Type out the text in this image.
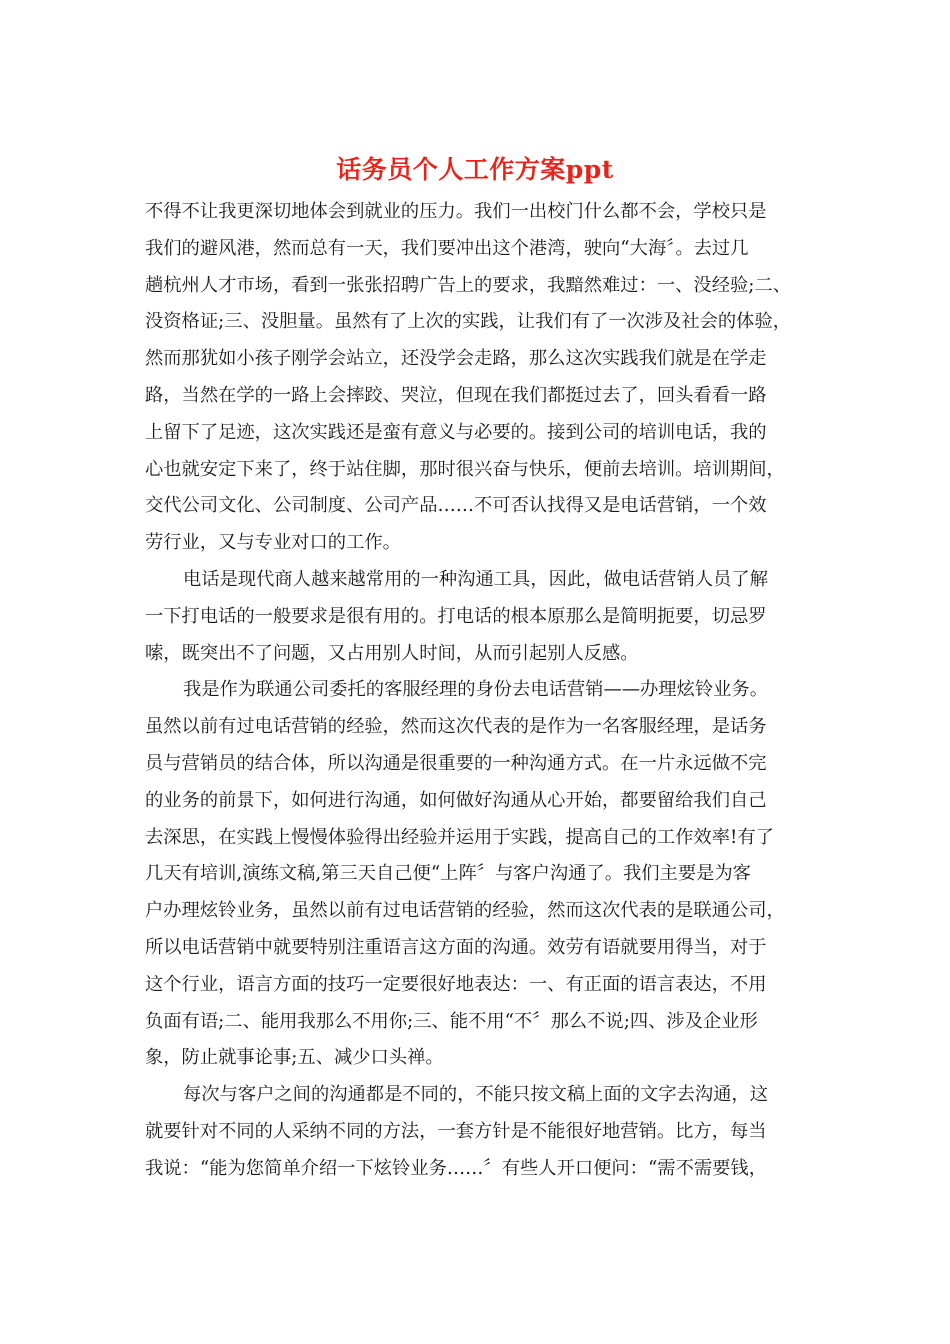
话务员个人工作方案ppt

不得不让我更深切地体会到就业的压力。我们一出校门什么都不会，学校只是

我们的避风港，然而总有一天，我们要冲出这个港湾，驶向“大海〞。去过几

趟杭州人才市场，看到一张张招聘广告上的要求，我黯然难过：一、没经验;二、

没资格证;三、没胆量。虽然有了上次的实践，让我们有了一次涉及社会的体验，

然而那犹如小孩子刚学会站立，还没学会走路，那么这次实践我们就是在学走

路，当然在学的一路上会摔跤、哭泣，但现在我们都挺过去了，回头看看一路

上留下了足迹，这次实践还是蛮有意义与必要的。接到公司的培训电话，我的

心也就安定下来了，终于站住脚，那时很兴奋与快乐，便前去培训。培训期间，

交代公司文化、公司制度、公司产品……不可否认找得又是电话营销，一个效

劳行业，又与专业对口的工作。

电话是现代商人越来越常用的一种沟通工具，因此，做电话营销人员了解

一下打电话的一般要求是很有用的。打电话的根本原那么是简明扼要，切忌罗

嗦，既突出不了问题，又占用别人时间，从而引起别人反感。

我是作为联通公司委托的客服经理的身份去电话营销——办理炫铃业务。

虽然以前有过电话营销的经验，然而这次代表的是作为一名客服经理，是话务

员与营销员的结合体，所以沟通是很重要的一种沟通方式。在一片永远做不完

的业务的前景下，如何进行沟通，如何做好沟通从心开始，都要留给我们自己

去深思，在实践上慢慢体验得出经验并运用于实践，提高自己的工作效率!有了

几天有培训,演练文稿,第三天自己便“上阵〞与客户沟通了。我们主要是为客

户办理炫铃业务，虽然以前有过电话营销的经验，然而这次代表的是联通公司，

所以电话营销中就要特别注重语言这方面的沟通。效劳有语就要用得当，对于

这个行业，语言方面的技巧一定要很好地表达：一、有正面的语言表达，不用

负面有语;二、能用我那么不用你;三、能不用“不〞那么不说;四、涉及企业形

象，防止就事论事;五、减少口头禅。

每次与客户之间的沟通都是不同的，不能只按文稿上面的文字去沟通，这

就要针对不同的人采纳不同的方法，一套方针是不能很好地营销。比方，每当

我说：“能为您简单介绍一下炫铃业务……〞有些人开口便问：“需不需要钱，
